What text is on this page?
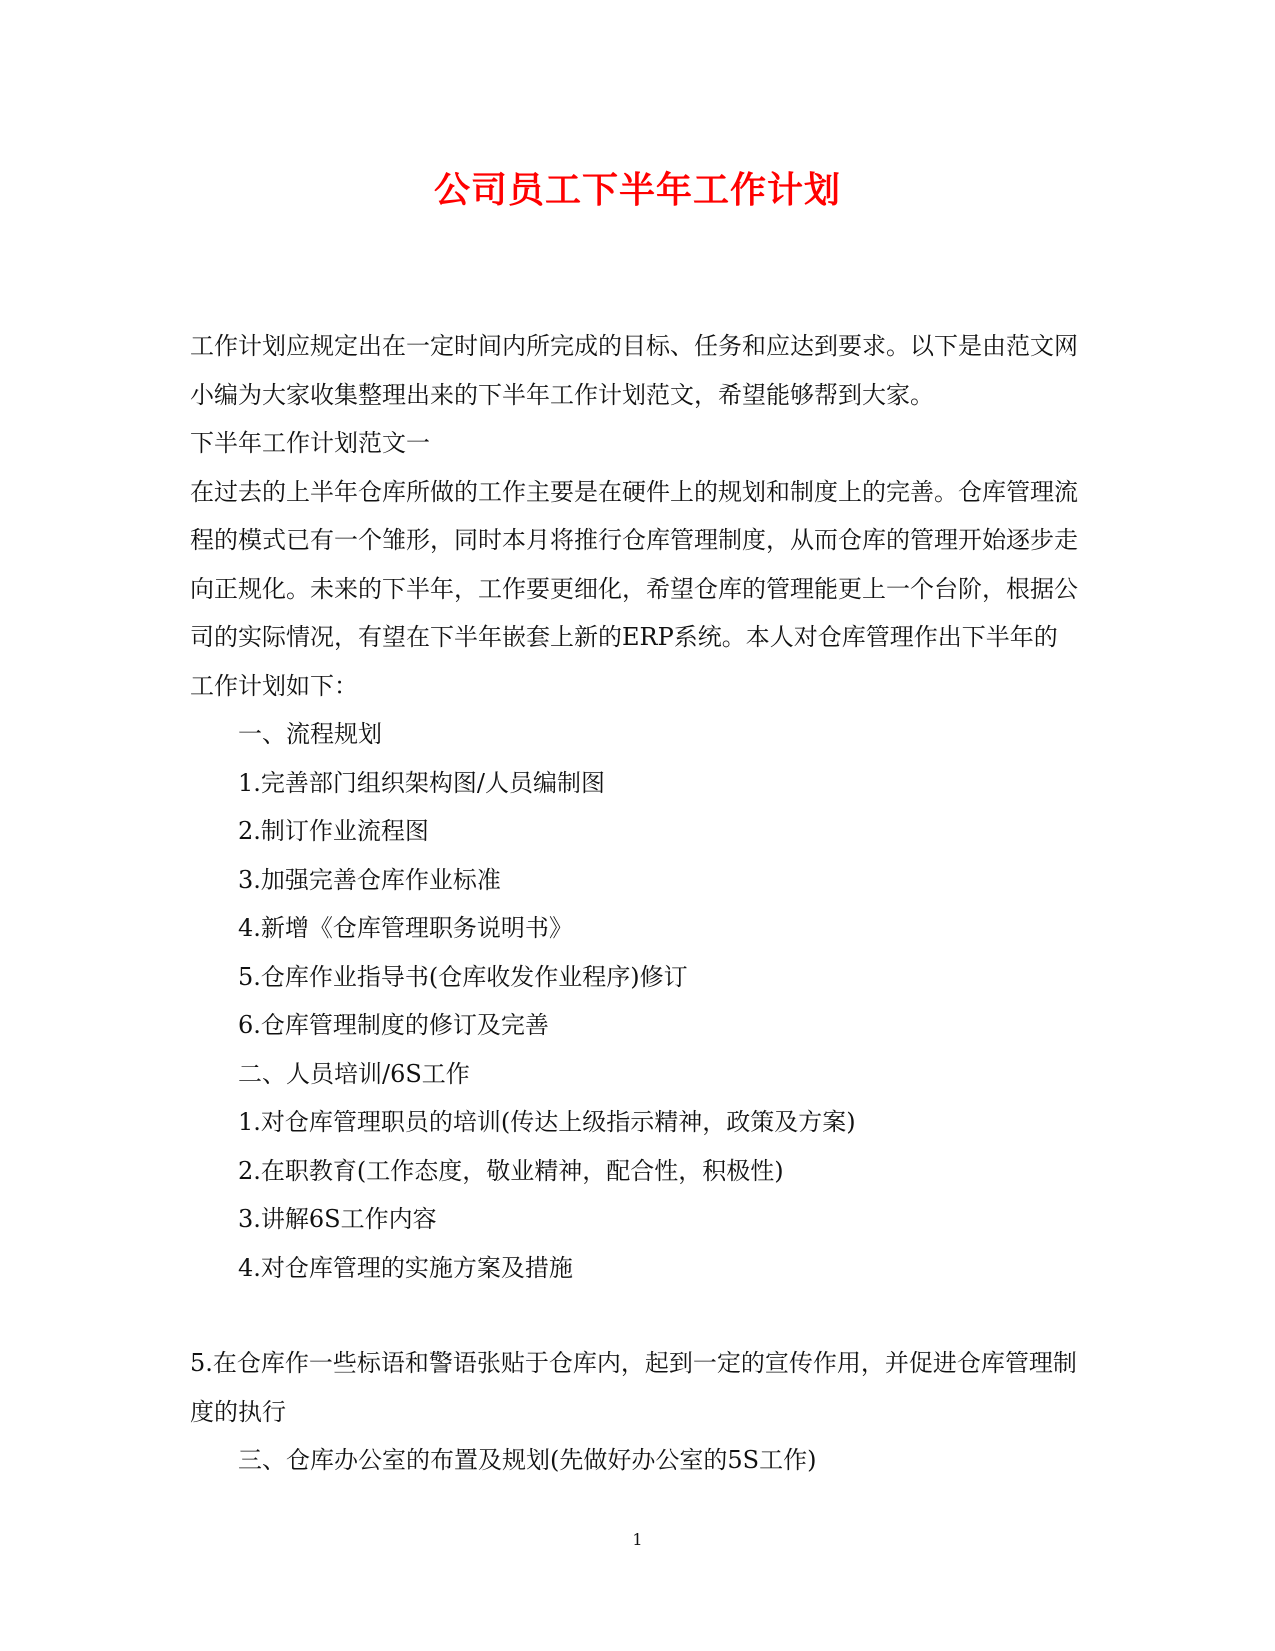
公司员工下半年工作计划

工作计划应规定出在一定时间内所完成的目标、任务和应达到要求。以下是由范文网小编为大家收集整理出来的下半年工作计划范文，希望能够帮到大家。

下半年工作计划范文一

在过去的上半年仓库所做的工作主要是在硬件上的规划和制度上的完善。仓库管理流程的模式已有一个雏形，同时本月将推行仓库管理制度，从而仓库的管理开始逐步走向正规化。未来的下半年，工作要更细化，希望仓库的管理能更上一个台阶，根据公司的实际情况，有望在下半年嵌套上新的ERP系统。本人对仓库管理作出下半年的工作计划如下：

一、流程规划

1.完善部门组织架构图/人员编制图

2.制订作业流程图

3.加强完善仓库作业标准

4.新增《仓库管理职务说明书》

5.仓库作业指导书(仓库收发作业程序)修订

6.仓库管理制度的修订及完善

二、人员培训/6S工作

1.对仓库管理职员的培训(传达上级指示精神，政策及方案)

2.在职教育(工作态度，敬业精神，配合性，积极性)

3.讲解6S工作内容

4.对仓库管理的实施方案及措施

5.在仓库作一些标语和警语张贴于仓库内，起到一定的宣传作用，并促进仓库管理制度的执行

三、仓库办公室的布置及规划(先做好办公室的5S工作)

1
